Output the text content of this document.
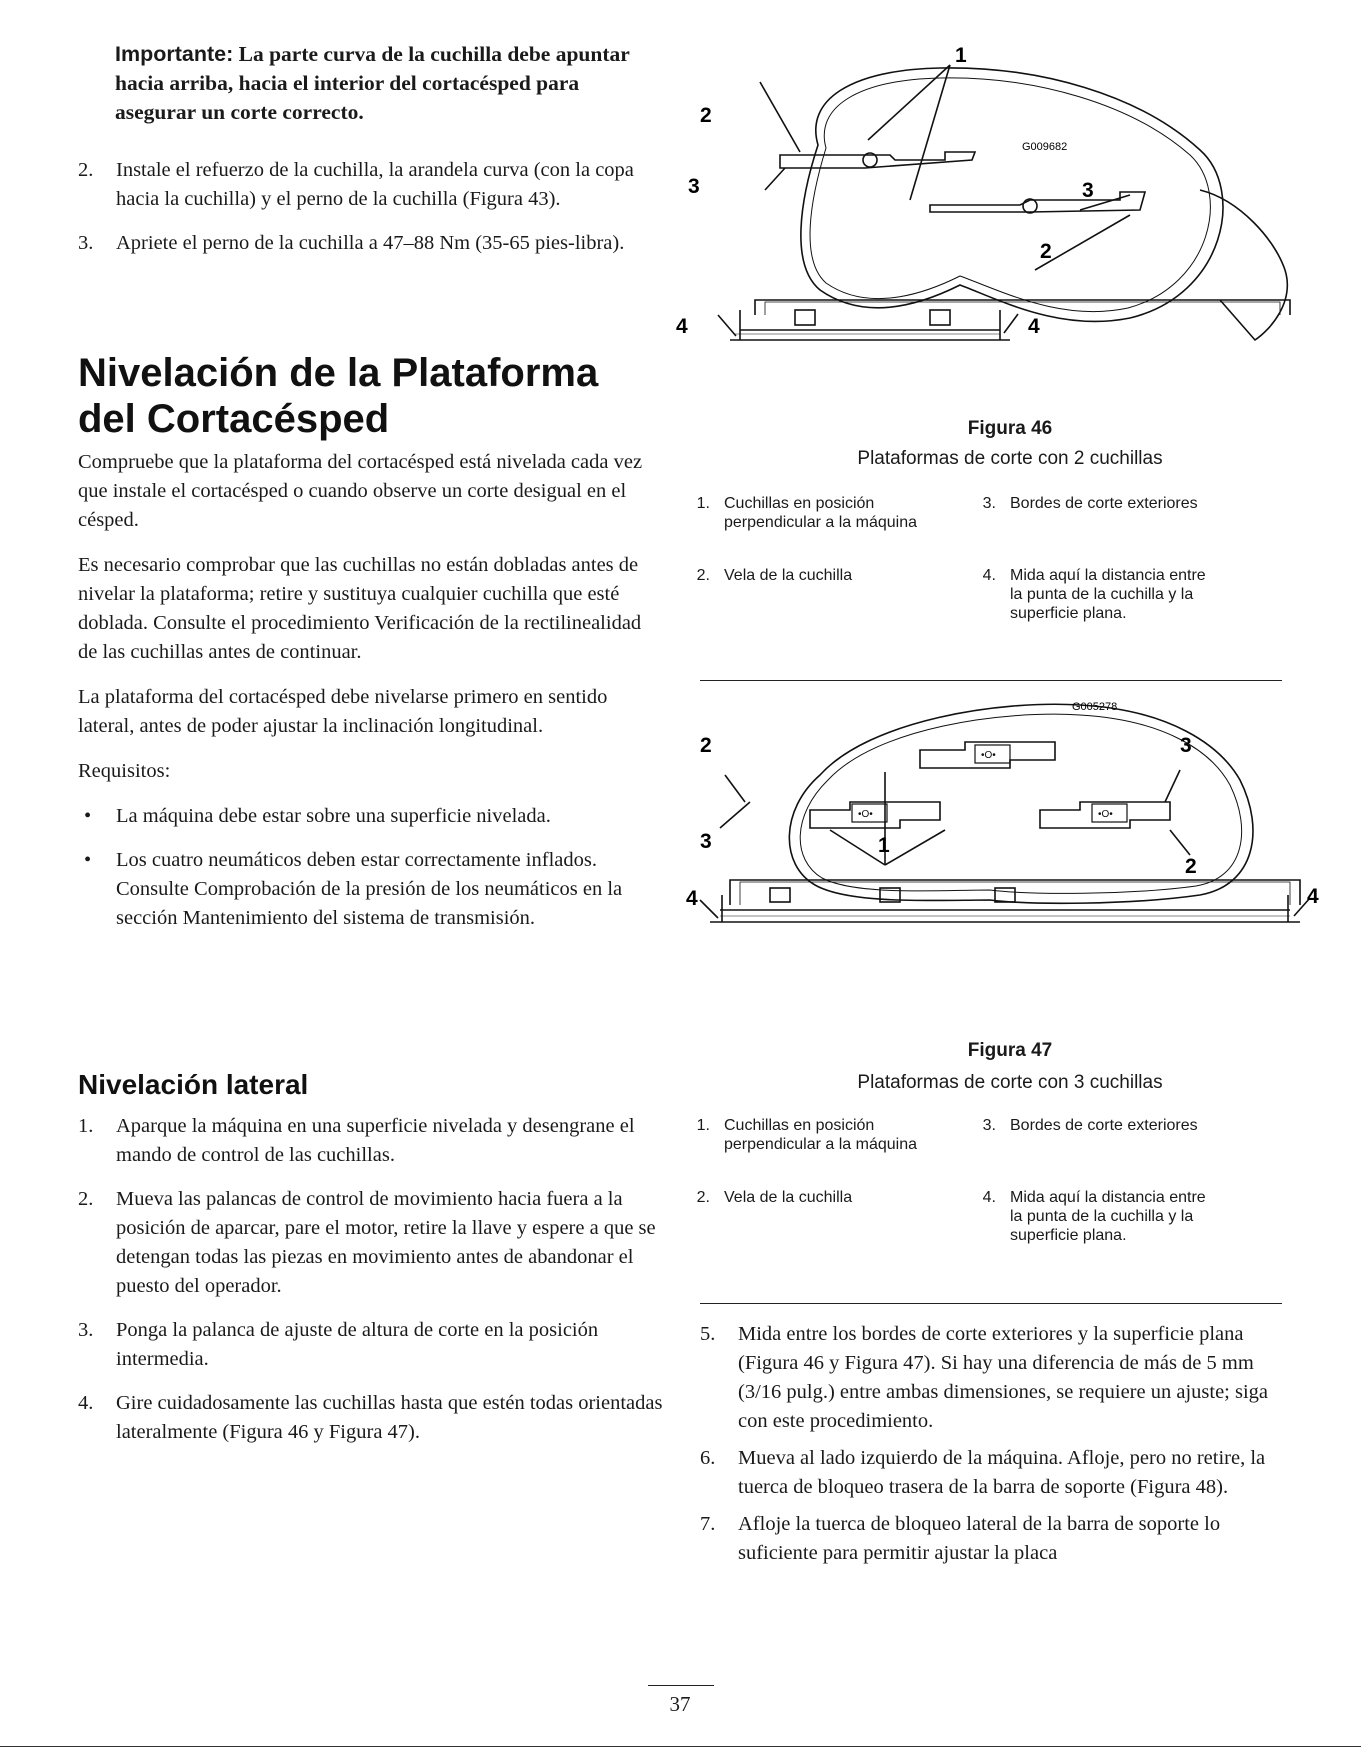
Importante: La parte curva de la cuchilla debe apuntar hacia arriba, hacia el interior del cortacésped para asegurar un corte correcto.
2. Instale el refuerzo de la cuchilla, la arandela curva (con la copa hacia la cuchilla) y el perno de la cuchilla (Figura 43).
3. Apriete el perno de la cuchilla a 47–88 Nm (35-65 pies-libra).
Nivelación de la Plataforma
del Cortacésped

Compruebe que la plataforma del cortacésped está nivelada cada vez que instale el cortacésped o cuando observe un corte desigual en el césped.

Es necesario comprobar que las cuchillas no están dobladas antes de nivelar la plataforma; retire y sustituya cualquier cuchilla que esté doblada. Consulte el procedimiento Verificación de la rectilinealidad de las cuchillas antes de continuar.

La plataforma del cortacésped debe nivelarse primero en sentido lateral, antes de poder ajustar la inclinación longitudinal.

Requisitos:

• La máquina debe estar sobre una superficie nivelada.
• Los cuatro neumáticos deben estar correctamente inflados. Consulte Comprobación de la presión de los neumáticos en la sección Mantenimiento del sistema de transmisión.
Nivelación lateral
1. Aparque la máquina en una superficie nivelada y desengrane el mando de control de las cuchillas.
2. Mueva las palancas de control de movimiento hacia fuera a la posición de aparcar, pare el motor, retire la llave y espere a que se detengan todas las piezas en movimiento antes de abandonar el puesto del operador.
3. Ponga la palanca de ajuste de altura de corte en la posición intermedia.
4. Gire cuidadosamente las cuchillas hasta que estén todas orientadas lateralmente (Figura 46 y Figura 47).
2
1
3	3
2
4	4
G009682
Figura 46
Plataformas de corte con 2 cuchillas
1. Cuchillas en posición perpendicular a la máquina
2. Vela de la cuchilla
3. Bordes de corte exteriores
4. Mida aquí la distancia entre la punta de la cuchilla y la superficie plana.
•O•
•O•	•O•
2	3
3	1
2
4	4
G005278
Figura 47
Plataformas de corte con 3 cuchillas
1. Cuchillas en posición perpendicular a la máquina
2. Vela de la cuchilla
3. Bordes de corte exteriores
4. Mida aquí la distancia entre la punta de la cuchilla y la superficie plana.
5. Mida entre los bordes de corte exteriores y la superficie plana (Figura 46 y Figura 47). Si hay una diferencia de más de 5 mm (3/16 pulg.) entre ambas dimensiones, se requiere un ajuste; siga con este procedimiento.
6. Mueva al lado izquierdo de la máquina. Afloje, pero no retire, la tuerca de bloqueo trasera de la barra de soporte (Figura 48).
7. Afloje la tuerca de bloqueo lateral de la barra de soporte lo suficiente para permitir ajustar la placa
37
